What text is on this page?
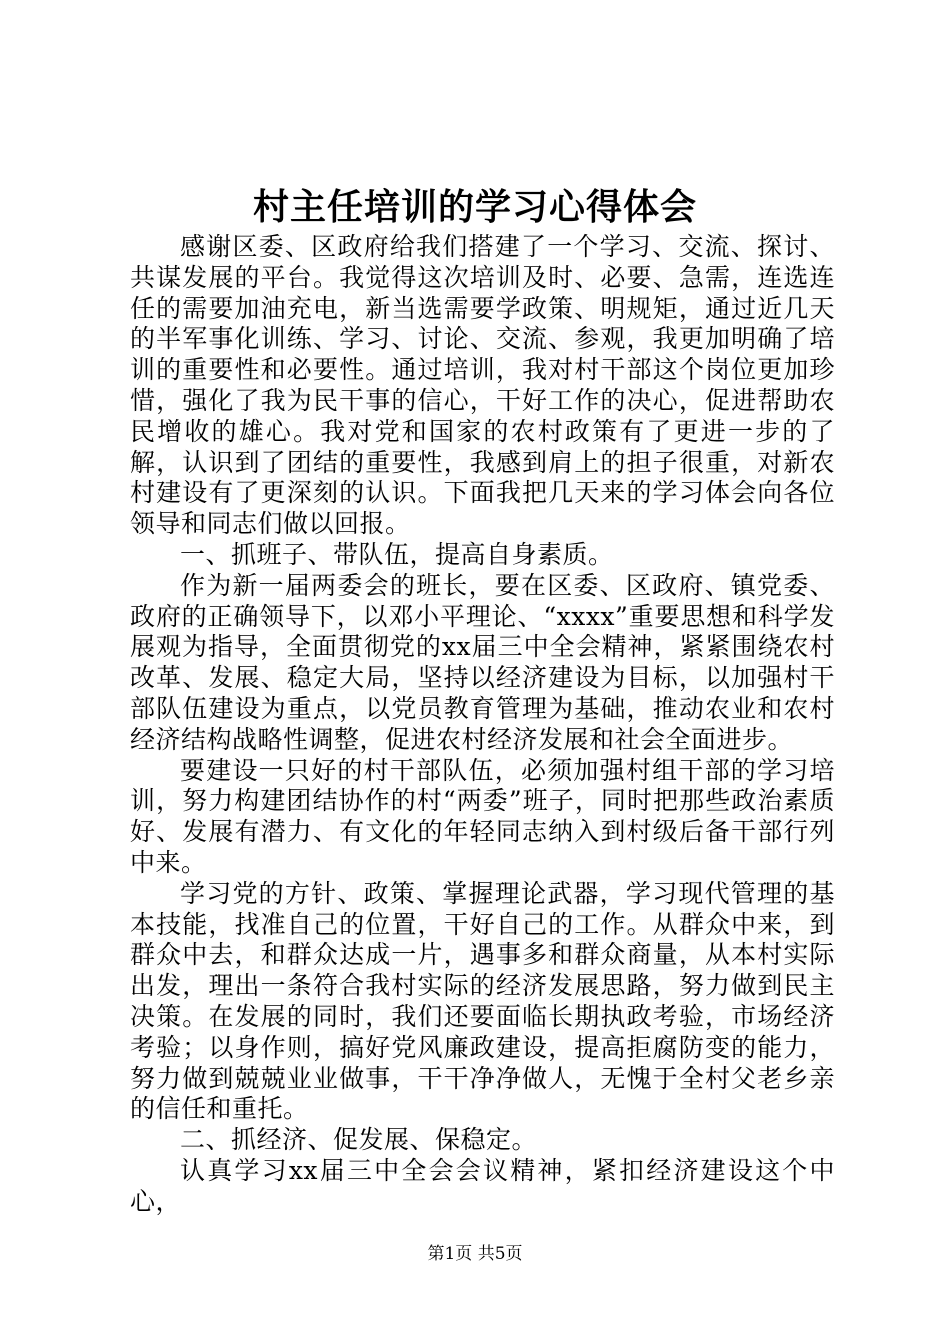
村主任培训的学习心得体会

感谢区委、区政府给我们搭建了一个学习、交流、探讨、共谋发展的平台。我觉得这次培训及时、必要、急需，连选连任的需要加油充电，新当选需要学政策、明规矩，通过近几天的半军事化训练、学习、讨论、交流、参观，我更加明确了培训的重要性和必要性。通过培训，我对村干部这个岗位更加珍惜，强化了我为民干事的信心，干好工作的决心，促进帮助农民增收的雄心。我对党和国家的农村政策有了更进一步的了解，认识到了团结的重要性，我感到肩上的担子很重，对新农村建设有了更深刻的认识。下面我把几天来的学习体会向各位领导和同志们做以回报。

一、抓班子、带队伍，提高自身素质。

作为新一届两委会的班长，要在区委、区政府、镇党委、政府的正确领导下，以邓小平理论、“xxxx”重要思想和科学发展观为指导，全面贯彻党的xx届三中全会精神，紧紧围绕农村改革、发展、稳定大局，坚持以经济建设为目标，以加强村干部队伍建设为重点，以党员教育管理为基础，推动农业和农村经济结构战略性调整，促进农村经济发展和社会全面进步。

要建设一只好的村干部队伍，必须加强村组干部的学习培训，努力构建团结协作的村“两委”班子，同时把那些政治素质好、发展有潜力、有文化的年轻同志纳入到村级后备干部行列中来。

学习党的方针、政策、掌握理论武器，学习现代管理的基本技能，找准自己的位置，干好自己的工作。从群众中来，到群众中去，和群众达成一片，遇事多和群众商量，从本村实际出发，理出一条符合我村实际的经济发展思路，努力做到民主决策。在发展的同时，我们还要面临长期执政考验，市场经济考验；以身作则，搞好党风廉政建设，提高拒腐防变的能力，努力做到兢兢业业做事，干干净净做人，无愧于全村父老乡亲的信任和重托。

二、抓经济、促发展、保稳定。

认真学习xx届三中全会会议精神，紧扣经济建设这个中心，

第1页 共5页
